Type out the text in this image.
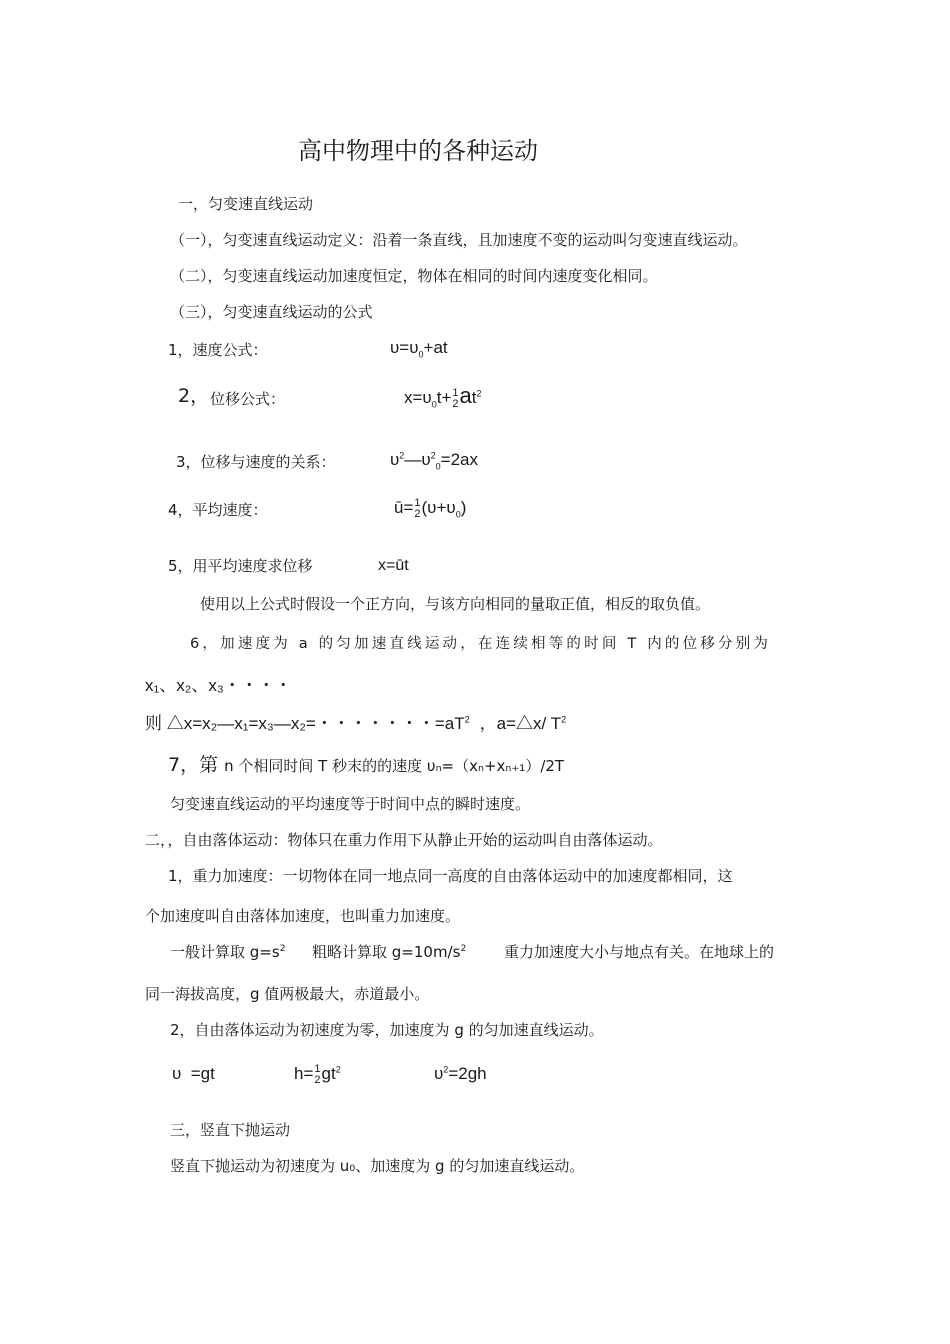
高中物理中的各种运动
一，匀变速直线运动
（一），匀变速直线运动定义：沿着一条直线，且加速度不变的运动叫匀变速直线运动。
（二），匀变速直线运动加速度恒定，物体在相同的时间内速度变化相同。
（三），匀变速直线运动的公式
1，速度公式：	$\upsilon=\upsilon_0+at$
2， 位移公式：	$x=\upsilon_0t+ 1$
2 $at^2$
3，位移与速度的关系：	$\upsilon^2—\upsilon^2_0=2ax$
4，平均速度：	ū= 1
2 $(\upsilon+\upsilon_0)$
5，用平均速度求位移	x=ūt
使用以上公式时假设一个正方向，与该方向相同的量取正值，相反的取负值。
6，加速度为 a 的匀加速直线运动，在连续相等的时间 T 内的位移分别为
x₁、x₂、x₃・・・・
则 △x=x₂—x₁=x₃—x₂=・・・・・・・$=aT^2$ ，a=△x/ $T^2$
7，第 n 个相同时间 T 秒末的的速度 υₙ=（xₙ+xₙ₊₁）/2T
匀变速直线运动的平均速度等于时间中点的瞬时速度。
二，，自由落体运动：物体只在重力作用下从静止开始的运动叫自由落体运动。
1，重力加速度：一切物体在同一地点同一高度的自由落体运动中的加速度都相同，这
个加速度叫自由落体加速度，也叫重力加速度。
一般计算取 $g=s^2$ 粗略计算取 $g=10m/s^2$	重力加速度大小与地点有关。在地球上的
同一海拔高度，g 值两极最大，赤道最小。
2，自由落体运动为初速度为零，加速度为 g 的匀加速直线运动。
υ  =gt	h= 1
2 $gt^2$	$\upsilon^2=2gh$
三，竖直下抛运动
竖直下抛运动为初速度为 u₀、加速度为 g 的匀加速直线运动。
